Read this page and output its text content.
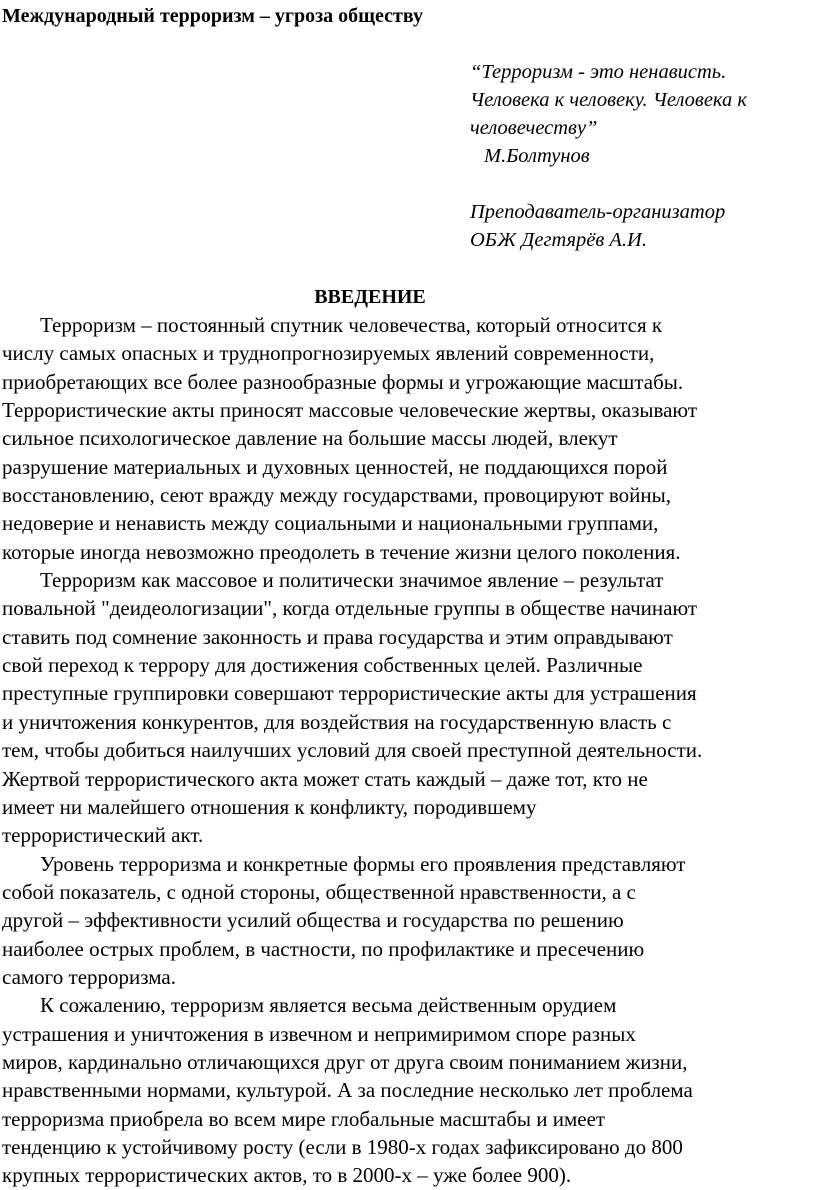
Международный терроризм – угроза обществу
“Терроризм - это ненависть.
Человека к человеку. Человека к
человечеству”
М.Болтунов
Преподаватель-организатор
ОБЖ Дегтярёв А.И.
ВВЕДЕНИЕ
Терроризм – постоянный спутник человечества, который относится к
числу самых опасных и труднопрогнозируемых явлений современности,
приобретающих все более разнообразные формы и угрожающие масштабы.
Террористические акты приносят массовые человеческие жертвы, оказывают
сильное психологическое давление на большие массы людей, влекут
разрушение материальных и духовных ценностей, не поддающихся порой
восстановлению, сеют вражду между государствами, провоцируют войны,
недоверие и ненависть между социальными и национальными группами,
которые иногда невозможно преодолеть в течение жизни целого поколения.
Терроризм как массовое и политически значимое явление – результат
повальной "деидеологизации", когда отдельные группы в обществе начинают
ставить под сомнение законность и права государства и этим оправдывают
свой переход к террору для достижения собственных целей. Различные
преступные группировки совершают террористические акты для устрашения
и уничтожения конкурентов, для воздействия на государственную власть с
тем, чтобы добиться наилучших условий для своей преступной деятельности.
Жертвой террористического акта может стать каждый – даже тот, кто не
имеет ни малейшего отношения к конфликту, породившему
террористический акт.
Уровень терроризма и конкретные формы его проявления представляют
собой показатель, с одной стороны, общественной нравственности, а с
другой – эффективности усилий общества и государства по решению
наиболее острых проблем, в частности, по профилактике и пресечению
самого терроризма.
К сожалению, терроризм является весьма действенным орудием
устрашения и уничтожения в извечном и непримиримом споре разных
миров, кардинально отличающихся друг от друга своим пониманием жизни,
нравственными нормами, культурой. А за последние несколько лет проблема
терроризма приобрела во всем мире глобальные масштабы и имеет
тенденцию к устойчивому росту (если в 1980-х годах зафиксировано до 800
крупных террористических актов, то в 2000-х – уже более 900).
